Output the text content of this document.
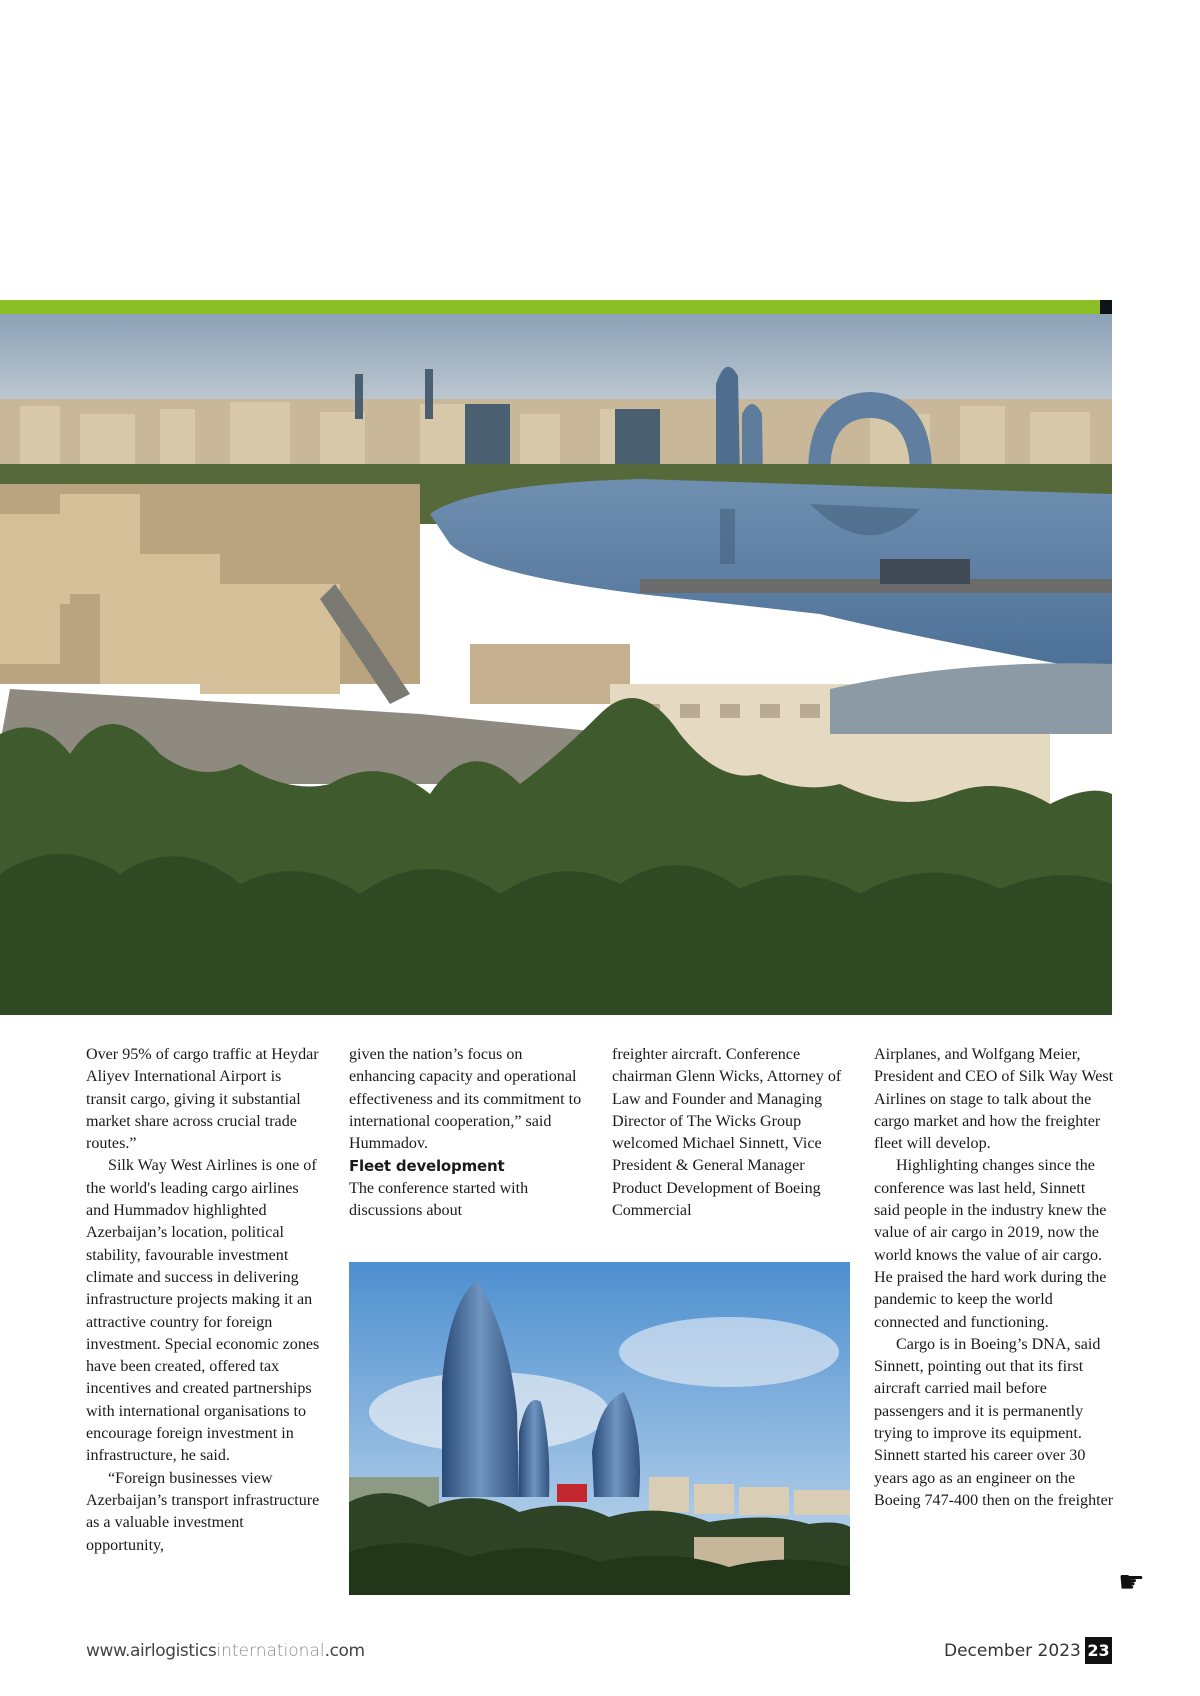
Over 95% of cargo traffic at Heydar Aliyev International Airport is transit cargo, giving it substantial market share across crucial trade routes.”

Silk Way West Airlines is one of the world's leading cargo airlines and Hummadov highlighted Azerbaijan’s location, political stability, favourable investment climate and success in delivering infrastructure projects making it an attractive country for foreign investment. Special economic zones have been created, offered tax incentives and created partnerships with international organisations to encourage foreign investment in infrastructure, he said.

“Foreign businesses view Azerbaijan’s transport infrastructure as a valuable investment opportunity,

given the nation’s focus on enhancing capacity and operational effectiveness and its commitment to international cooperation,” said Hummadov.

Fleet development

The conference started with discussions about

freighter aircraft. Conference chairman Glenn Wicks, Attorney of Law and Founder and Managing Director of The Wicks Group welcomed Michael Sinnett, Vice President & General Manager Product Development of Boeing Commercial

Airplanes, and Wolfgang Meier, President and CEO of Silk Way West Airlines on stage to talk about the cargo market and how the freighter fleet will develop.

Highlighting changes since the conference was last held, Sinnett said people in the industry knew the value of air cargo in 2019, now the world knows the value of air cargo. He praised the hard work during the pandemic to keep the world connected and functioning.

Cargo is in Boeing’s DNA, said Sinnett, pointing out that its first aircraft carried mail before passengers and it is permanently trying to improve its equipment. Sinnett started his career over 30 years ago as an engineer on the Boeing 747-400 then on the freighter

☛
www.airlogisticsinternational.com	December 2023 23
